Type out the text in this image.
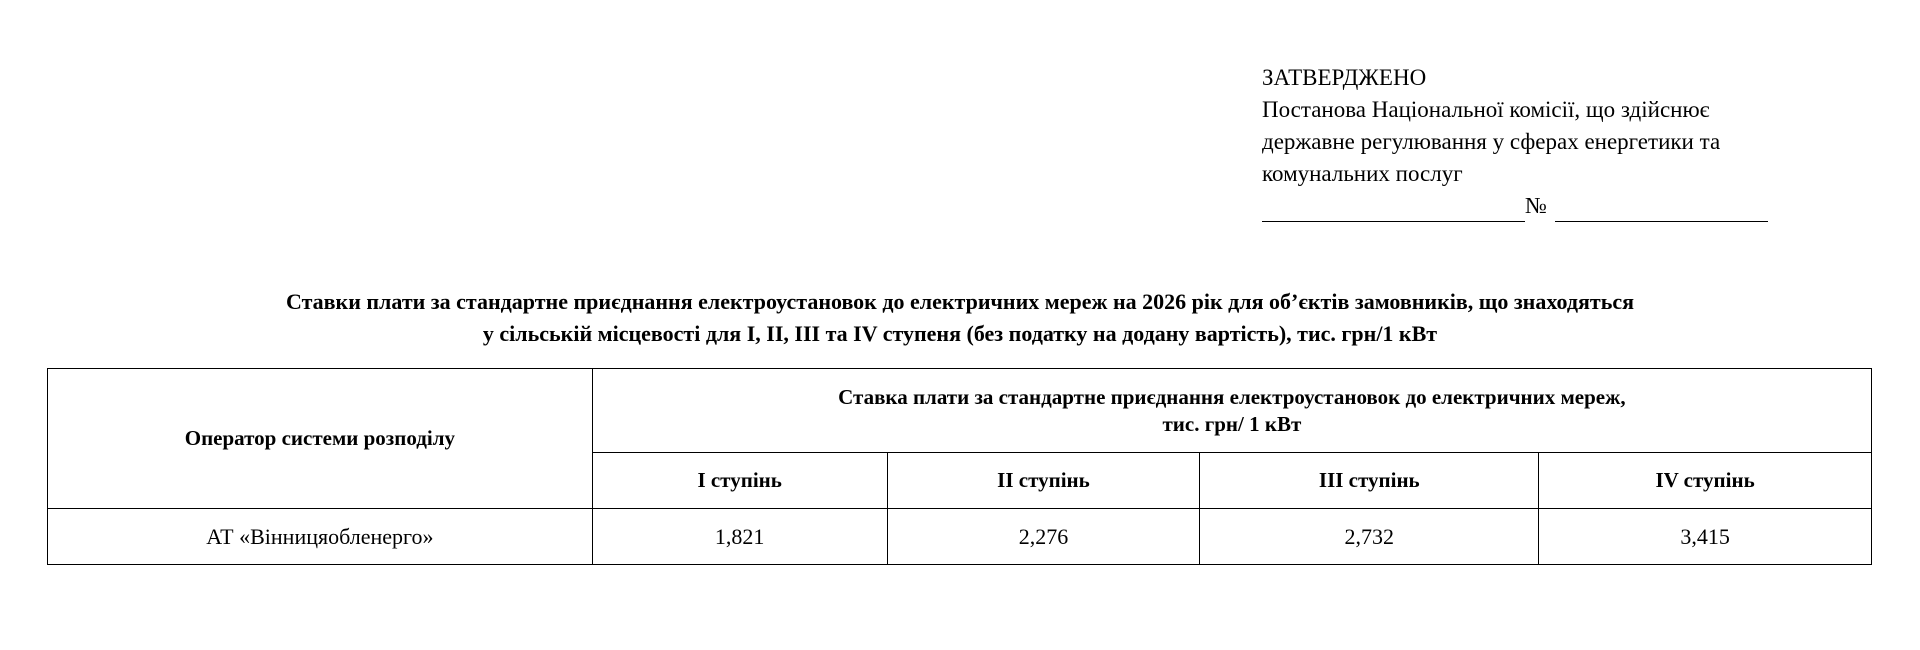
ЗАТВЕРДЖЕНО
Постанова Національної комісії, що здійснює
державне регулювання у сферах енергетики та
комунальних послуг
№
Ставки плати за стандартне приєднання електроустановок до електричних мереж на 2026 рік для об’єктів замовників, що знаходяться
у сільській місцевості для І, ІІ, ІІІ та ІV ступеня (без податку на додану вартість), тис. грн/1 кВт
Оператор системи розподілу	Ставка плати за стандартне приєднання електроустановок до електричних мереж,
тис. грн/ 1 кВт			

	І ступінь	ІІ ступінь	ІІІ ступінь	ІV ступінь
АТ «Вінницяобленерго»	1,821	2,276	2,732	3,415
